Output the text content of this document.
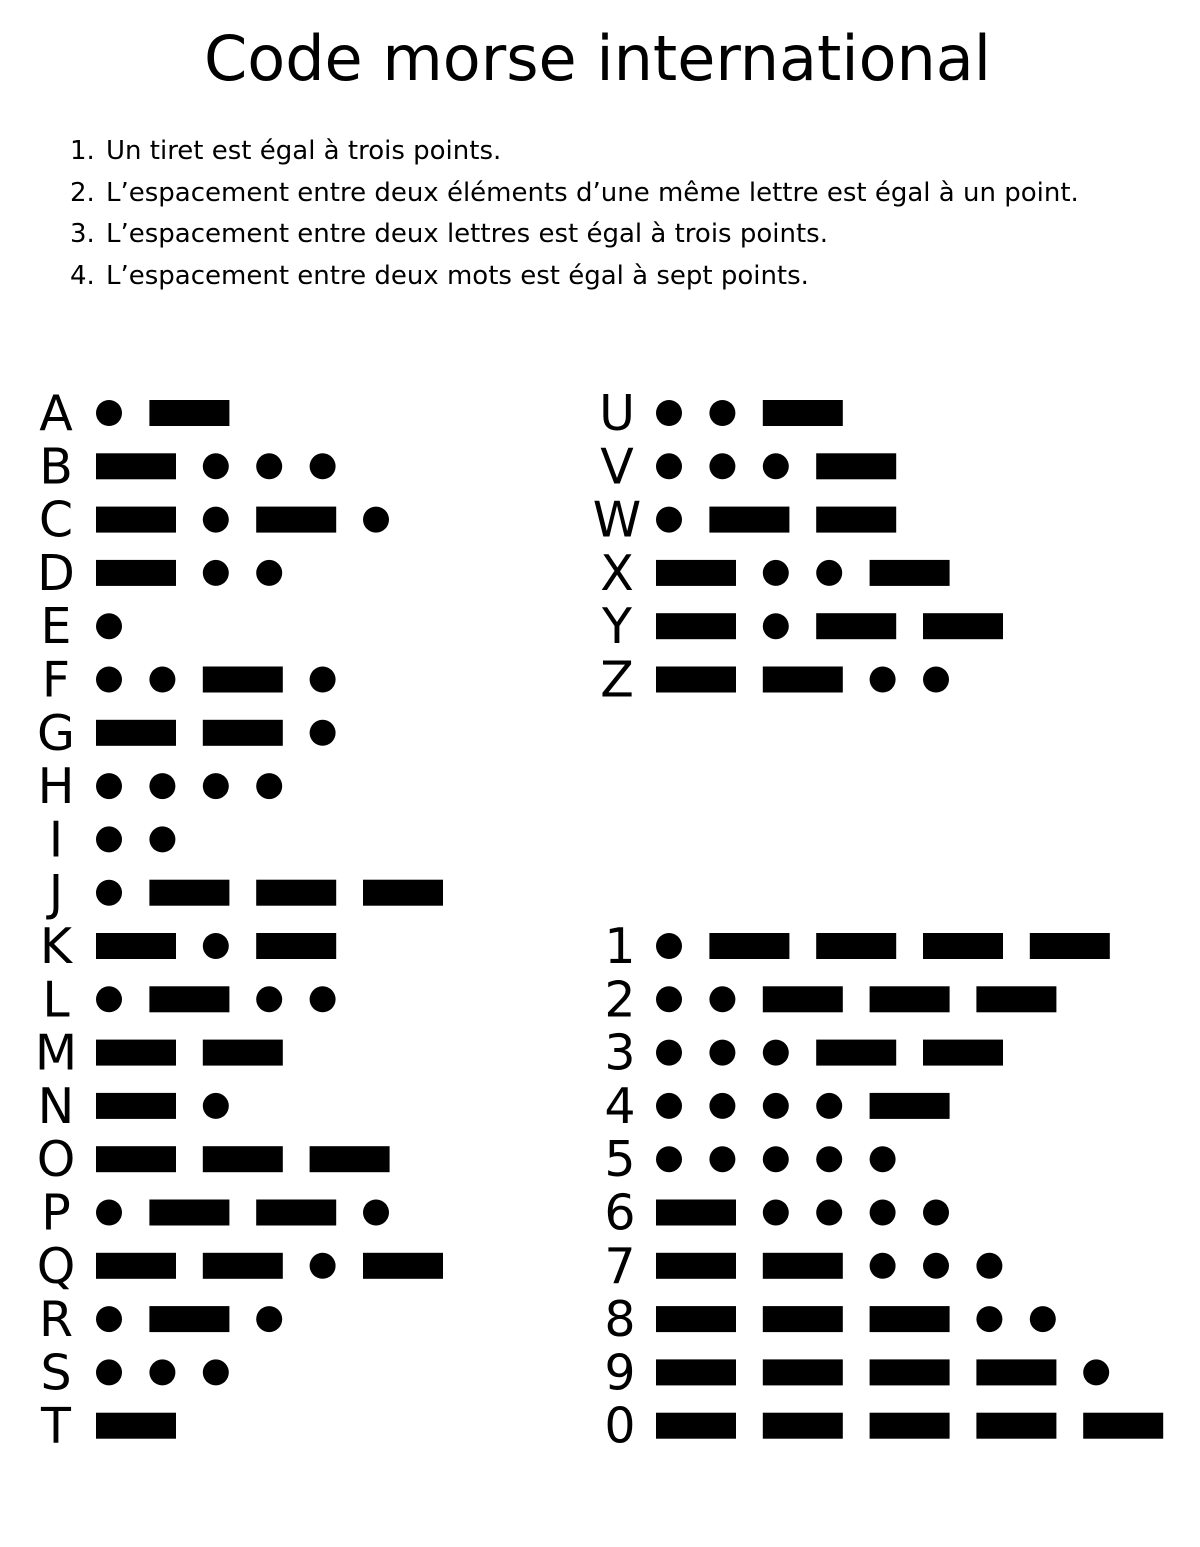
Code morse international
1. Un tiret est égal à trois points.
2. L’espacement entre deux éléments d’une même lettre est égal à un point.
3. L’espacement entre deux lettres est égal à trois points.
4. L’espacement entre deux mots est égal à sept points.
A
B
C
D
E
F
G
H
I
J
K
L
M
N
O
P
Q
R
S
T
U
V
W
X
Y
Z
1
2
3
4
5
6
7
8
9
0
